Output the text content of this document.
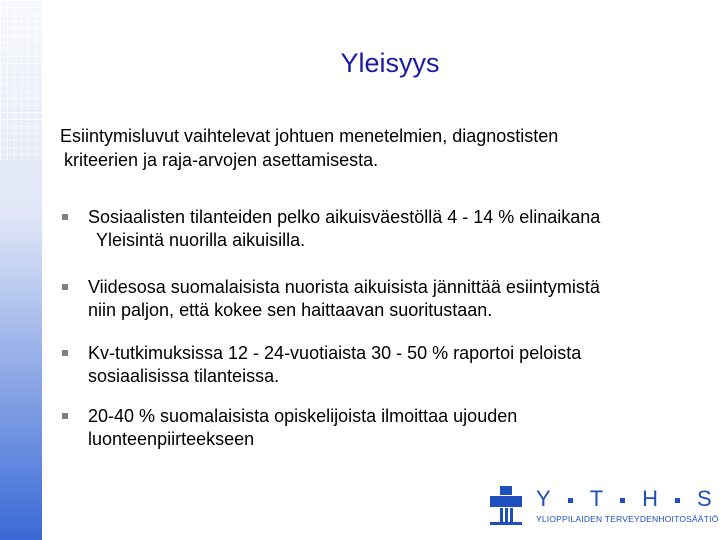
Yleisyys
Esiintymisluvut vaihtelevat johtuen menetelmien, diagnostisten
kriteerien ja raja-arvojen asettamisesta.
Sosiaalisten tilanteiden pelko aikuisväestöllä 4 - 14 % elinaikana
Yleisintä nuorilla aikuisilla.
Viidesosa suomalaisista nuorista aikuisista jännittää esiintymistä
niin paljon, että kokee sen haittaavan suoritustaan.
Kv-tutkimuksissa 12 - 24-vuotiaista 30 - 50 % raportoi peloista
sosiaalisissa tilanteissa.
20-40 % suomalaisista opiskelijoista ilmoittaa ujouden
luonteenpiirteekseen
Y T H S
YLIOPPILAIDEN TERVEYDENHOITOSÄÄTIÖ
